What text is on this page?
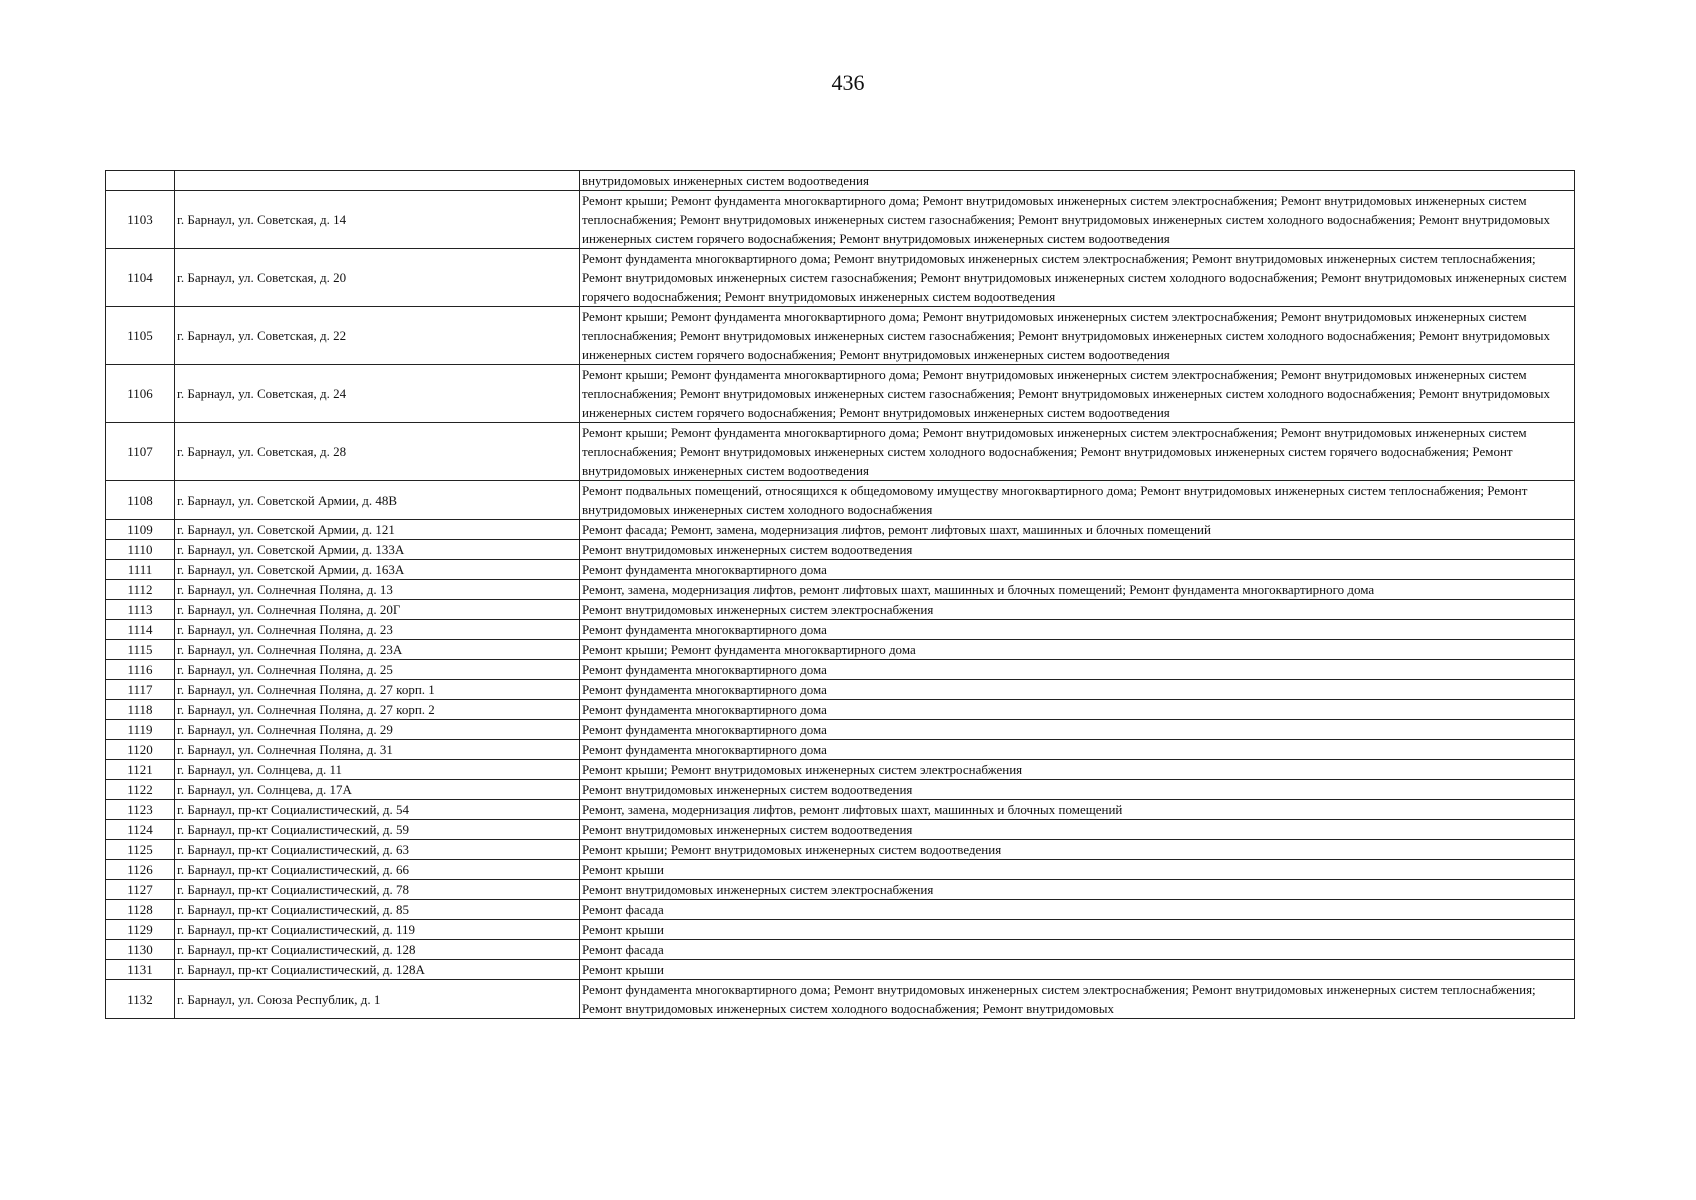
436
		внутридомовых инженерных систем водоотведения
1103	г. Барнаул, ул. Советская, д. 14	Ремонт крыши; Ремонт фундамента многоквартирного дома; Ремонт внутридомовых инженерных систем электроснабжения; Ремонт внутридомовых инженерных систем теплоснабжения; Ремонт внутридомовых инженерных систем газоснабжения; Ремонт внутридомовых инженерных систем холодного водоснабжения; Ремонт внутридомовых инженерных систем горячего водоснабжения; Ремонт внутридомовых инженерных систем водоотведения
1104	г. Барнаул, ул. Советская, д. 20	Ремонт фундамента многоквартирного дома; Ремонт внутридомовых инженерных систем электроснабжения; Ремонт внутридомовых инженерных систем теплоснабжения; Ремонт внутридомовых инженерных систем газоснабжения; Ремонт внутридомовых инженерных систем холодного водоснабжения; Ремонт внутридомовых инженерных систем горячего водоснабжения; Ремонт внутридомовых инженерных систем водоотведения
1105	г. Барнаул, ул. Советская, д. 22	Ремонт крыши; Ремонт фундамента многоквартирного дома; Ремонт внутридомовых инженерных систем электроснабжения; Ремонт внутридомовых инженерных систем теплоснабжения; Ремонт внутридомовых инженерных систем газоснабжения; Ремонт внутридомовых инженерных систем холодного водоснабжения; Ремонт внутридомовых инженерных систем горячего водоснабжения; Ремонт внутридомовых инженерных систем водоотведения
1106	г. Барнаул, ул. Советская, д. 24	Ремонт крыши; Ремонт фундамента многоквартирного дома; Ремонт внутридомовых инженерных систем электроснабжения; Ремонт внутридомовых инженерных систем теплоснабжения; Ремонт внутридомовых инженерных систем газоснабжения; Ремонт внутридомовых инженерных систем холодного водоснабжения; Ремонт внутридомовых инженерных систем горячего водоснабжения; Ремонт внутридомовых инженерных систем водоотведения
1107	г. Барнаул, ул. Советская, д. 28	Ремонт крыши; Ремонт фундамента многоквартирного дома; Ремонт внутридомовых инженерных систем электроснабжения; Ремонт внутридомовых инженерных систем теплоснабжения; Ремонт внутридомовых инженерных систем холодного водоснабжения; Ремонт внутридомовых инженерных систем горячего водоснабжения; Ремонт внутридомовых инженерных систем водоотведения
1108	г. Барнаул, ул. Советской Армии, д. 48В	Ремонт подвальных помещений, относящихся к общедомовому имуществу многоквартирного дома; Ремонт внутридомовых инженерных систем теплоснабжения; Ремонт внутридомовых инженерных систем холодного водоснабжения
1109	г. Барнаул, ул. Советской Армии, д. 121	Ремонт фасада; Ремонт, замена, модернизация лифтов, ремонт лифтовых шахт, машинных и блочных помещений
1110	г. Барнаул, ул. Советской Армии, д. 133А	Ремонт внутридомовых инженерных систем водоотведения
1111	г. Барнаул, ул. Советской Армии, д. 163А	Ремонт фундамента многоквартирного дома
1112	г. Барнаул, ул. Солнечная Поляна, д. 13	Ремонт, замена, модернизация лифтов, ремонт лифтовых шахт, машинных и блочных помещений; Ремонт фундамента многоквартирного дома
1113	г. Барнаул, ул. Солнечная Поляна, д. 20Г	Ремонт внутридомовых инженерных систем электроснабжения
1114	г. Барнаул, ул. Солнечная Поляна, д. 23	Ремонт фундамента многоквартирного дома
1115	г. Барнаул, ул. Солнечная Поляна, д. 23А	Ремонт крыши; Ремонт фундамента многоквартирного дома
1116	г. Барнаул, ул. Солнечная Поляна, д. 25	Ремонт фундамента многоквартирного дома
1117	г. Барнаул, ул. Солнечная Поляна, д. 27 корп. 1	Ремонт фундамента многоквартирного дома
1118	г. Барнаул, ул. Солнечная Поляна, д. 27 корп. 2	Ремонт фундамента многоквартирного дома
1119	г. Барнаул, ул. Солнечная Поляна, д. 29	Ремонт фундамента многоквартирного дома
1120	г. Барнаул, ул. Солнечная Поляна, д. 31	Ремонт фундамента многоквартирного дома
1121	г. Барнаул, ул. Солнцева, д. 11	Ремонт крыши; Ремонт внутридомовых инженерных систем электроснабжения
1122	г. Барнаул, ул. Солнцева, д. 17А	Ремонт внутридомовых инженерных систем водоотведения
1123	г. Барнаул, пр-кт Социалистический, д. 54	Ремонт, замена, модернизация лифтов, ремонт лифтовых шахт, машинных и блочных помещений
1124	г. Барнаул, пр-кт Социалистический, д. 59	Ремонт внутридомовых инженерных систем водоотведения
1125	г. Барнаул, пр-кт Социалистический, д. 63	Ремонт крыши; Ремонт внутридомовых инженерных систем водоотведения
1126	г. Барнаул, пр-кт Социалистический, д. 66	Ремонт крыши
1127	г. Барнаул, пр-кт Социалистический, д. 78	Ремонт внутридомовых инженерных систем электроснабжения
1128	г. Барнаул, пр-кт Социалистический, д. 85	Ремонт фасада
1129	г. Барнаул, пр-кт Социалистический, д. 119	Ремонт крыши
1130	г. Барнаул, пр-кт Социалистический, д. 128	Ремонт фасада
1131	г. Барнаул, пр-кт Социалистический, д. 128А	Ремонт крыши
1132	г. Барнаул, ул. Союза Республик, д. 1	Ремонт фундамента многоквартирного дома; Ремонт внутридомовых инженерных систем электроснабжения; Ремонт внутридомовых инженерных систем теплоснабжения; Ремонт внутридомовых инженерных систем холодного водоснабжения; Ремонт внутридомовых
